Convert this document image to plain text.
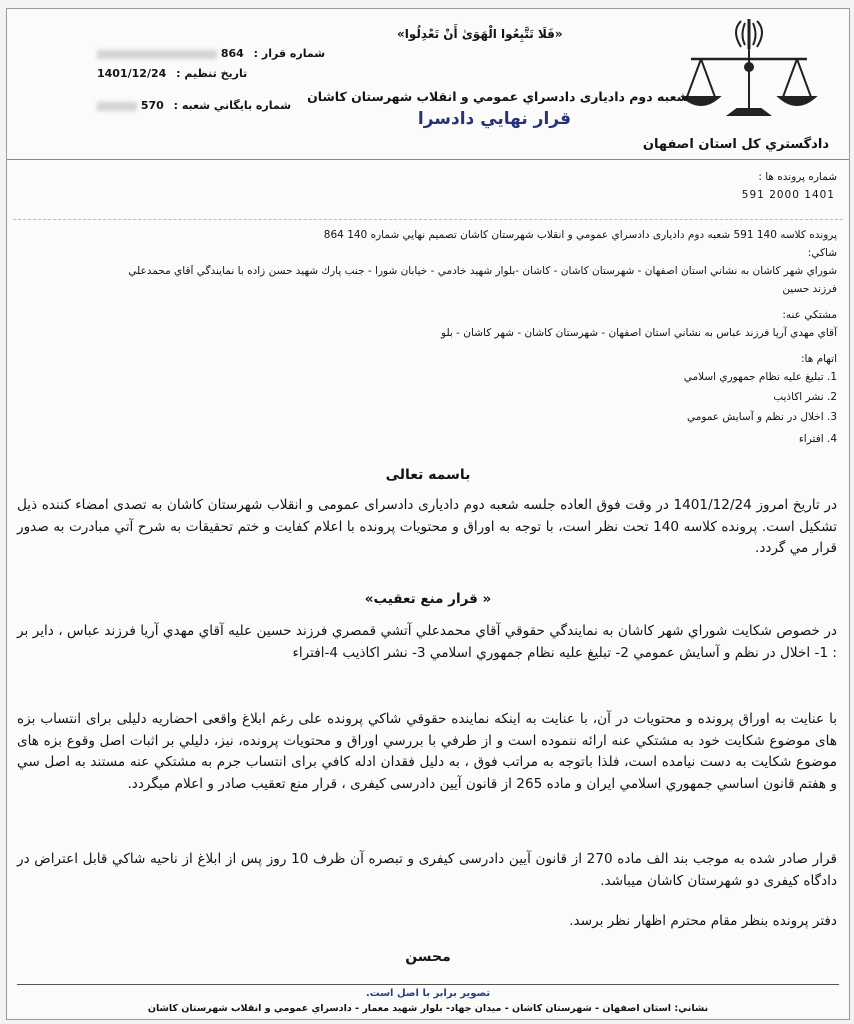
دادگستري كل استان اصفهان
«فَلَا تَتَّبِعُوا الْهَوَىٰ أَنْ تَعْدِلُوا»
شعبه دوم داديارى دادسراي عمومي و انقلاب شهرستان كاشان
قرار نهايي دادسرا
شماره قرار : 864
تاريخ تنظيم : 1401/12/24
شماره بايگاني شعبه : 570
شماره پرونده ها :
1401 2000 591
پرونده كلاسه 140 591 شعبه دوم داديارى دادسراي عمومي و انقلاب شهرستان كاشان تصميم نهايي شماره 140 864
شاكي:
شوراي شهر كاشان به نشاني استان اصفهان - شهرستان كاشان - كاشان -بلوار شهيد خادمي - خيابان شورا - جنب پارك شهيد حسن زاده با نمايندگي آقاي محمدعلي
فرزند حسين
مشتكي عنه:
آقاي مهدي آريا فرزند عباس به نشاني استان اصفهان - شهرستان كاشان - شهر كاشان - بلو
اتهام ها:
1. تبليغ عليه نظام جمهوري اسلامي
2. نشر اكاذيب
3. اخلال در نظم و آسايش عمومي
4. افتراء
باسمه تعالى
در تاريخ امروز 1401/12/24 در وقت فوق العاده جلسه شعبه دوم داديارى دادسراى عمومى و انقلاب شهرستان كاشان به تصدى امضاء كننده ذيل تشكيل است. پرونده كلاسه 140 تحت نظر است، با توجه به اوراق و محتويات پرونده با اعلام كفايت و ختم تحقيقات به شرح آتي مبادرت به صدور قرار مي گردد.
« قرار منع تعقيب»
در خصوص شكايت شوراي شهر كاشان به نمايندگي حقوقي آقاي محمدعلي آتشي قمصري فرزند حسين عليه آقاي مهدي آريا فرزند عباس ، داير بر : 1- اخلال در نظم و آسايش عمومي 2- تبليغ عليه نظام جمهوري اسلامي 3- نشر اكاذيب 4-افتراء
با عنايت به اوراق پرونده و محتويات در آن، با عنايت به اينكه نماينده حقوقي شاكي پرونده على رغم ابلاغ واقعى احضاريه دليلى براى انتساب بزه هاى موضوع شكايت خود به مشتكي عنه ارائه ننموده است و از طرفي با بررسي اوراق و محتويات پرونده، نيز، دليلي بر اثبات اصل وقوع بزه هاى موضوع شكايت به دست نيامده است، فلذا باتوجه به مراتب فوق ، به دليل فقدان ادله كافي براى انتساب جرم به مشتكي عنه مستند به اصل سي و هفتم قانون اساسي جمهوري اسلامي ايران و ماده 265 از قانون آيين دادرسى كيفرى ، قرار منع تعقيب صادر و اعلام ميگردد.
قرار صادر شده به موجب بند الف ماده 270 از قانون آيين دادرسى كيفرى و تبصره آن ظرف 10 روز پس از ابلاغ از ناحيه شاكي قابل اعتراض در دادگاه كيفرى دو شهرستان كاشان ميباشد.
دفتر پرونده بنظر مقام محترم اظهار نظر برسد.
محسن
تصوير برابر با اصل است.
نشاني: استان اصفهان - شهرستان كاشان - ميدان جهاد- بلوار شهيد معمار - دادسراي عمومي و انقلاب شهرستان كاشان
